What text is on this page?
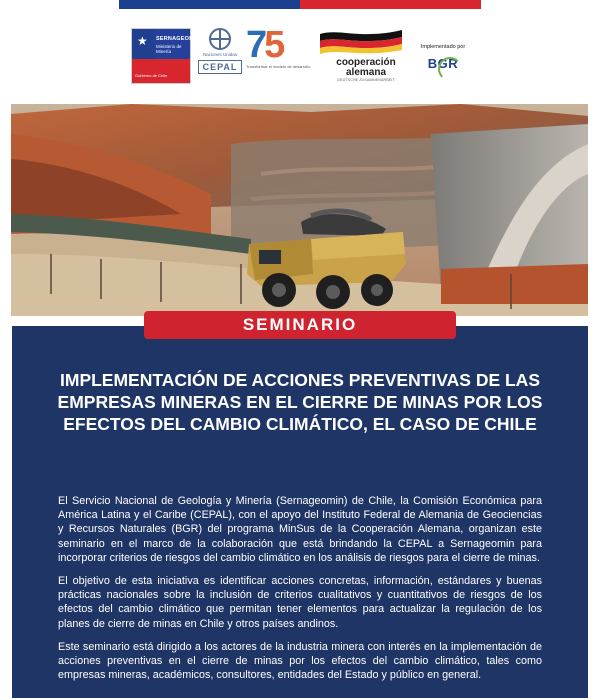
★ SERNAGEOMIN
Ministerio de Minería
Gobierno de Chile
Naciones Unidas
CEPAL
75
Transformar el modelo de desarrollo	cooperación
alemana
DEUTSCHE ZUSAMMENARBEIT
Implementado por
BGR
SEMINARIO
IMPLEMENTACIÓN DE ACCIONES PREVENTIVAS DE LAS EMPRESAS MINERAS EN EL CIERRE DE MINAS POR LOS EFECTOS DEL CAMBIO CLIMÁTICO, EL CASO DE CHILE

El Servicio Nacional de Geología y Minería (Sernageomin) de Chile, la Comisión Económica para América Latina y el Caribe (CEPAL), con el apoyo del Instituto Federal de Alemania de Geociencias y Recursos Naturales (BGR) del programa MinSus de la Cooperación Alemana, organizan este seminario en el marco de la colaboración que está brindando la CEPAL a Sernageomin para incorporar criterios de riesgos del cambio climático en los análisis de riesgos para el cierre de minas.

El objetivo de esta iniciativa es identificar acciones concretas, información, estándares y buenas prácticas nacionales sobre la inclusión de criterios cualitativos y cuantitativos de riesgos de los efectos del cambio climático que permitan tener elementos para actualizar la regulación de los planes de cierre de minas en Chile y otros países andinos.

Este seminario está dirigido a los actores de la industria minera con interés en la implementación de acciones preventivas en el cierre de minas por los efectos del cambio climático, tales como empresas mineras, académicos, consultores, entidades del Estado y público en general.
